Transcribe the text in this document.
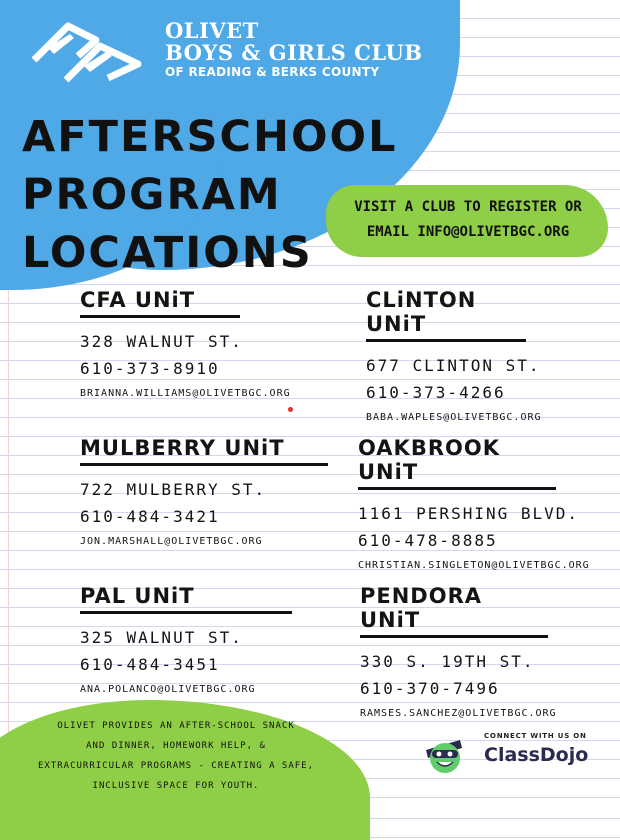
OLIVET
BOYS & GIRLS CLUB
OF READING & BERKS COUNTY
AFTERSCHOOL PROGRAM
LOCATIONS
VISIT A CLUB TO REGISTER OR
EMAIL INFO@OLIVETBGC.ORG
CFA UNiT
328 WALNUT ST.
610-373-8910
BRIANNA.WILLIAMS@OLIVETBGC.ORG
CLiNTON UNiT
677 CLINTON ST.
610-373-4266
BABA.WAPLES@OLIVETBGC.ORG
MULBERRY UNiT
722 MULBERRY ST.
610-484-3421
JON.MARSHALL@OLIVETBGC.ORG
OAKBROOK UNiT
1161 PERSHING BLVD.
610-478-8885
CHRISTIAN.SINGLETON@OLIVETBGC.ORG
PAL UNiT
325 WALNUT ST.
610-484-3451
ANA.POLANCO@OLIVETBGC.ORG
PENDORA UNiT
330 S. 19TH ST.
610-370-7496
RAMSES.SANCHEZ@OLIVETBGC.ORG
OLIVET PROVIDES AN AFTER-SCHOOL SNACK
AND DINNER, HOMEWORK HELP, &
EXTRACURRICULAR PROGRAMS - CREATING A SAFE,
INCLUSIVE SPACE FOR YOUTH.
CONNECT WITH US ON
ClassDojo
